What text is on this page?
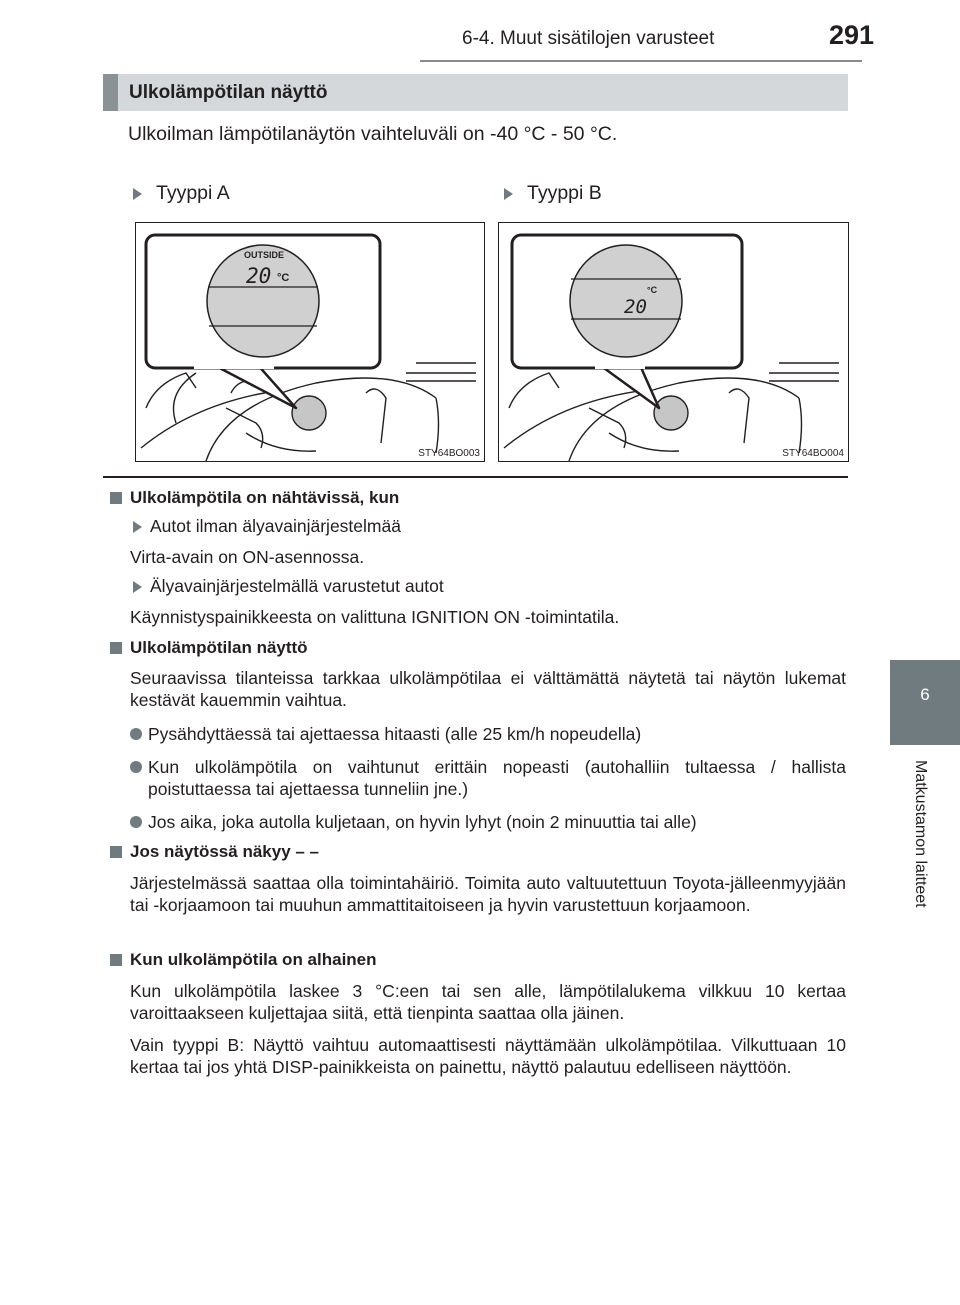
6-4. Muut sisätilojen varusteet	291
6
Matkustamon laitteet
Ulkolämpötilan näyttö
Ulkoilman lämpötilanäytön vaihteluväli on -40 °C - 50 °C.
Tyyppi A	Tyyppi B
OUTSIDE
20 °C
STY64BO003
°C
20
STY64BO004
Ulkolämpötila on nähtävissä, kun
Autot ilman älyavainjärjestelmää
Virta-avain on ON-asennossa.
Älyavainjärjestelmällä varustetut autot
Käynnistyspainikkeesta on valittuna IGNITION ON -toimintatila.
Ulkolämpötilan näyttö
Seuraavissa tilanteissa tarkkaa ulkolämpötilaa ei välttämättä näytetä tai näytön lukemat kestävät kauemmin vaihtua.
Pysähdyttäessä tai ajettaessa hitaasti (alle 25 km/h nopeudella)
Kun ulkolämpötila on vaihtunut erittäin nopeasti (autohalliin tultaessa / hallista poistuttaessa tai ajettaessa tunneliin jne.)
Jos aika, joka autolla kuljetaan, on hyvin lyhyt (noin 2 minuuttia tai alle)
Jos näytössä näkyy – –
Järjestelmässä saattaa olla toimintahäiriö. Toimita auto valtuutettuun Toyota-jälleenmyyjään tai -korjaamoon tai muuhun ammattitaitoiseen ja hyvin varustettuun korjaamoon.
Kun ulkolämpötila on alhainen
Kun ulkolämpötila laskee 3 °C:een tai sen alle, lämpötilalukema vilkkuu 10 kertaa varoittaakseen kuljettajaa siitä, että tienpinta saattaa olla jäinen.
Vain tyyppi B: Näyttö vaihtuu automaattisesti näyttämään ulkolämpötilaa. Vilkuttuaan 10 kertaa tai jos yhtä DISP-painikkeista on painettu, näyttö palautuu edelliseen näyttöön.
